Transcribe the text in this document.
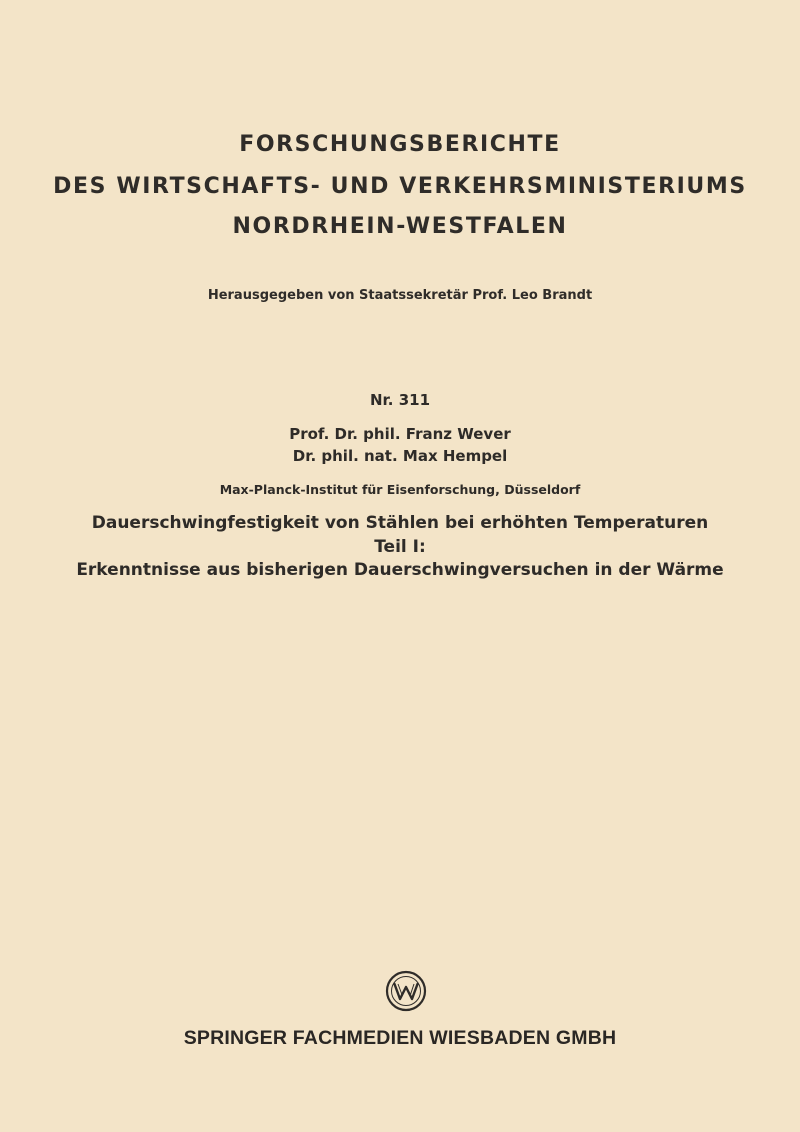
FORSCHUNGSBERICHTE
DES WIRTSCHAFTS- UND VERKEHRSMINISTERIUMS
NORDRHEIN-WESTFALEN
Herausgegeben von Staatssekretär Prof. Leo Brandt
Nr. 311
Prof. Dr. phil. Franz Wever
Dr. phil. nat. Max Hempel
Max-Planck-Institut für Eisenforschung, Düsseldorf
Dauerschwingfestigkeit von Stählen bei erhöhten Temperaturen
Teil I:
Erkenntnisse aus bisherigen Dauerschwingversuchen in der Wärme
SPRINGER FACHMEDIEN WIESBADEN GMBH
